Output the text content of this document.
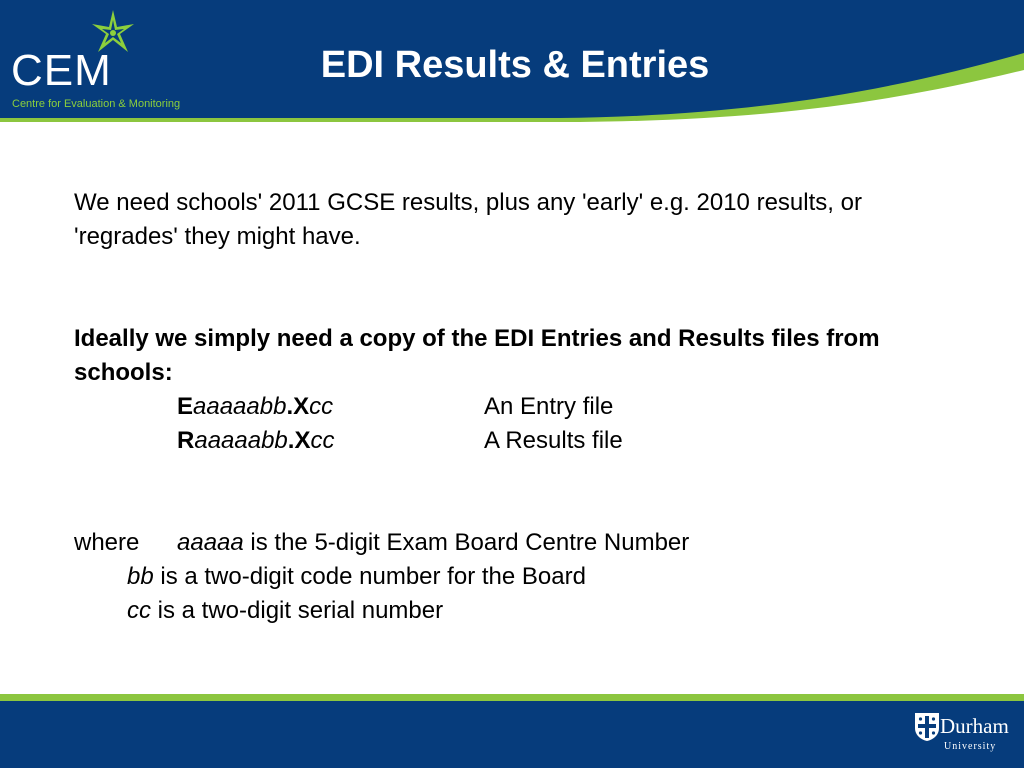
CEM
Centre for Evaluation & Monitoring
EDI Results & Entries
We need schools' 2011 GCSE results, plus any 'early' e.g. 2010 results, or 'regrades' they might have.
Ideally we simply need a copy of the EDI Entries and Results files from schools:
Eaaaaabb.Xcc	An Entry file
Raaaaabb.Xcc	A Results file
where aaaaa is the 5-digit Exam Board Centre Number
bb is a two-digit code number for the Board
cc is a two-digit serial number
Durham
University
